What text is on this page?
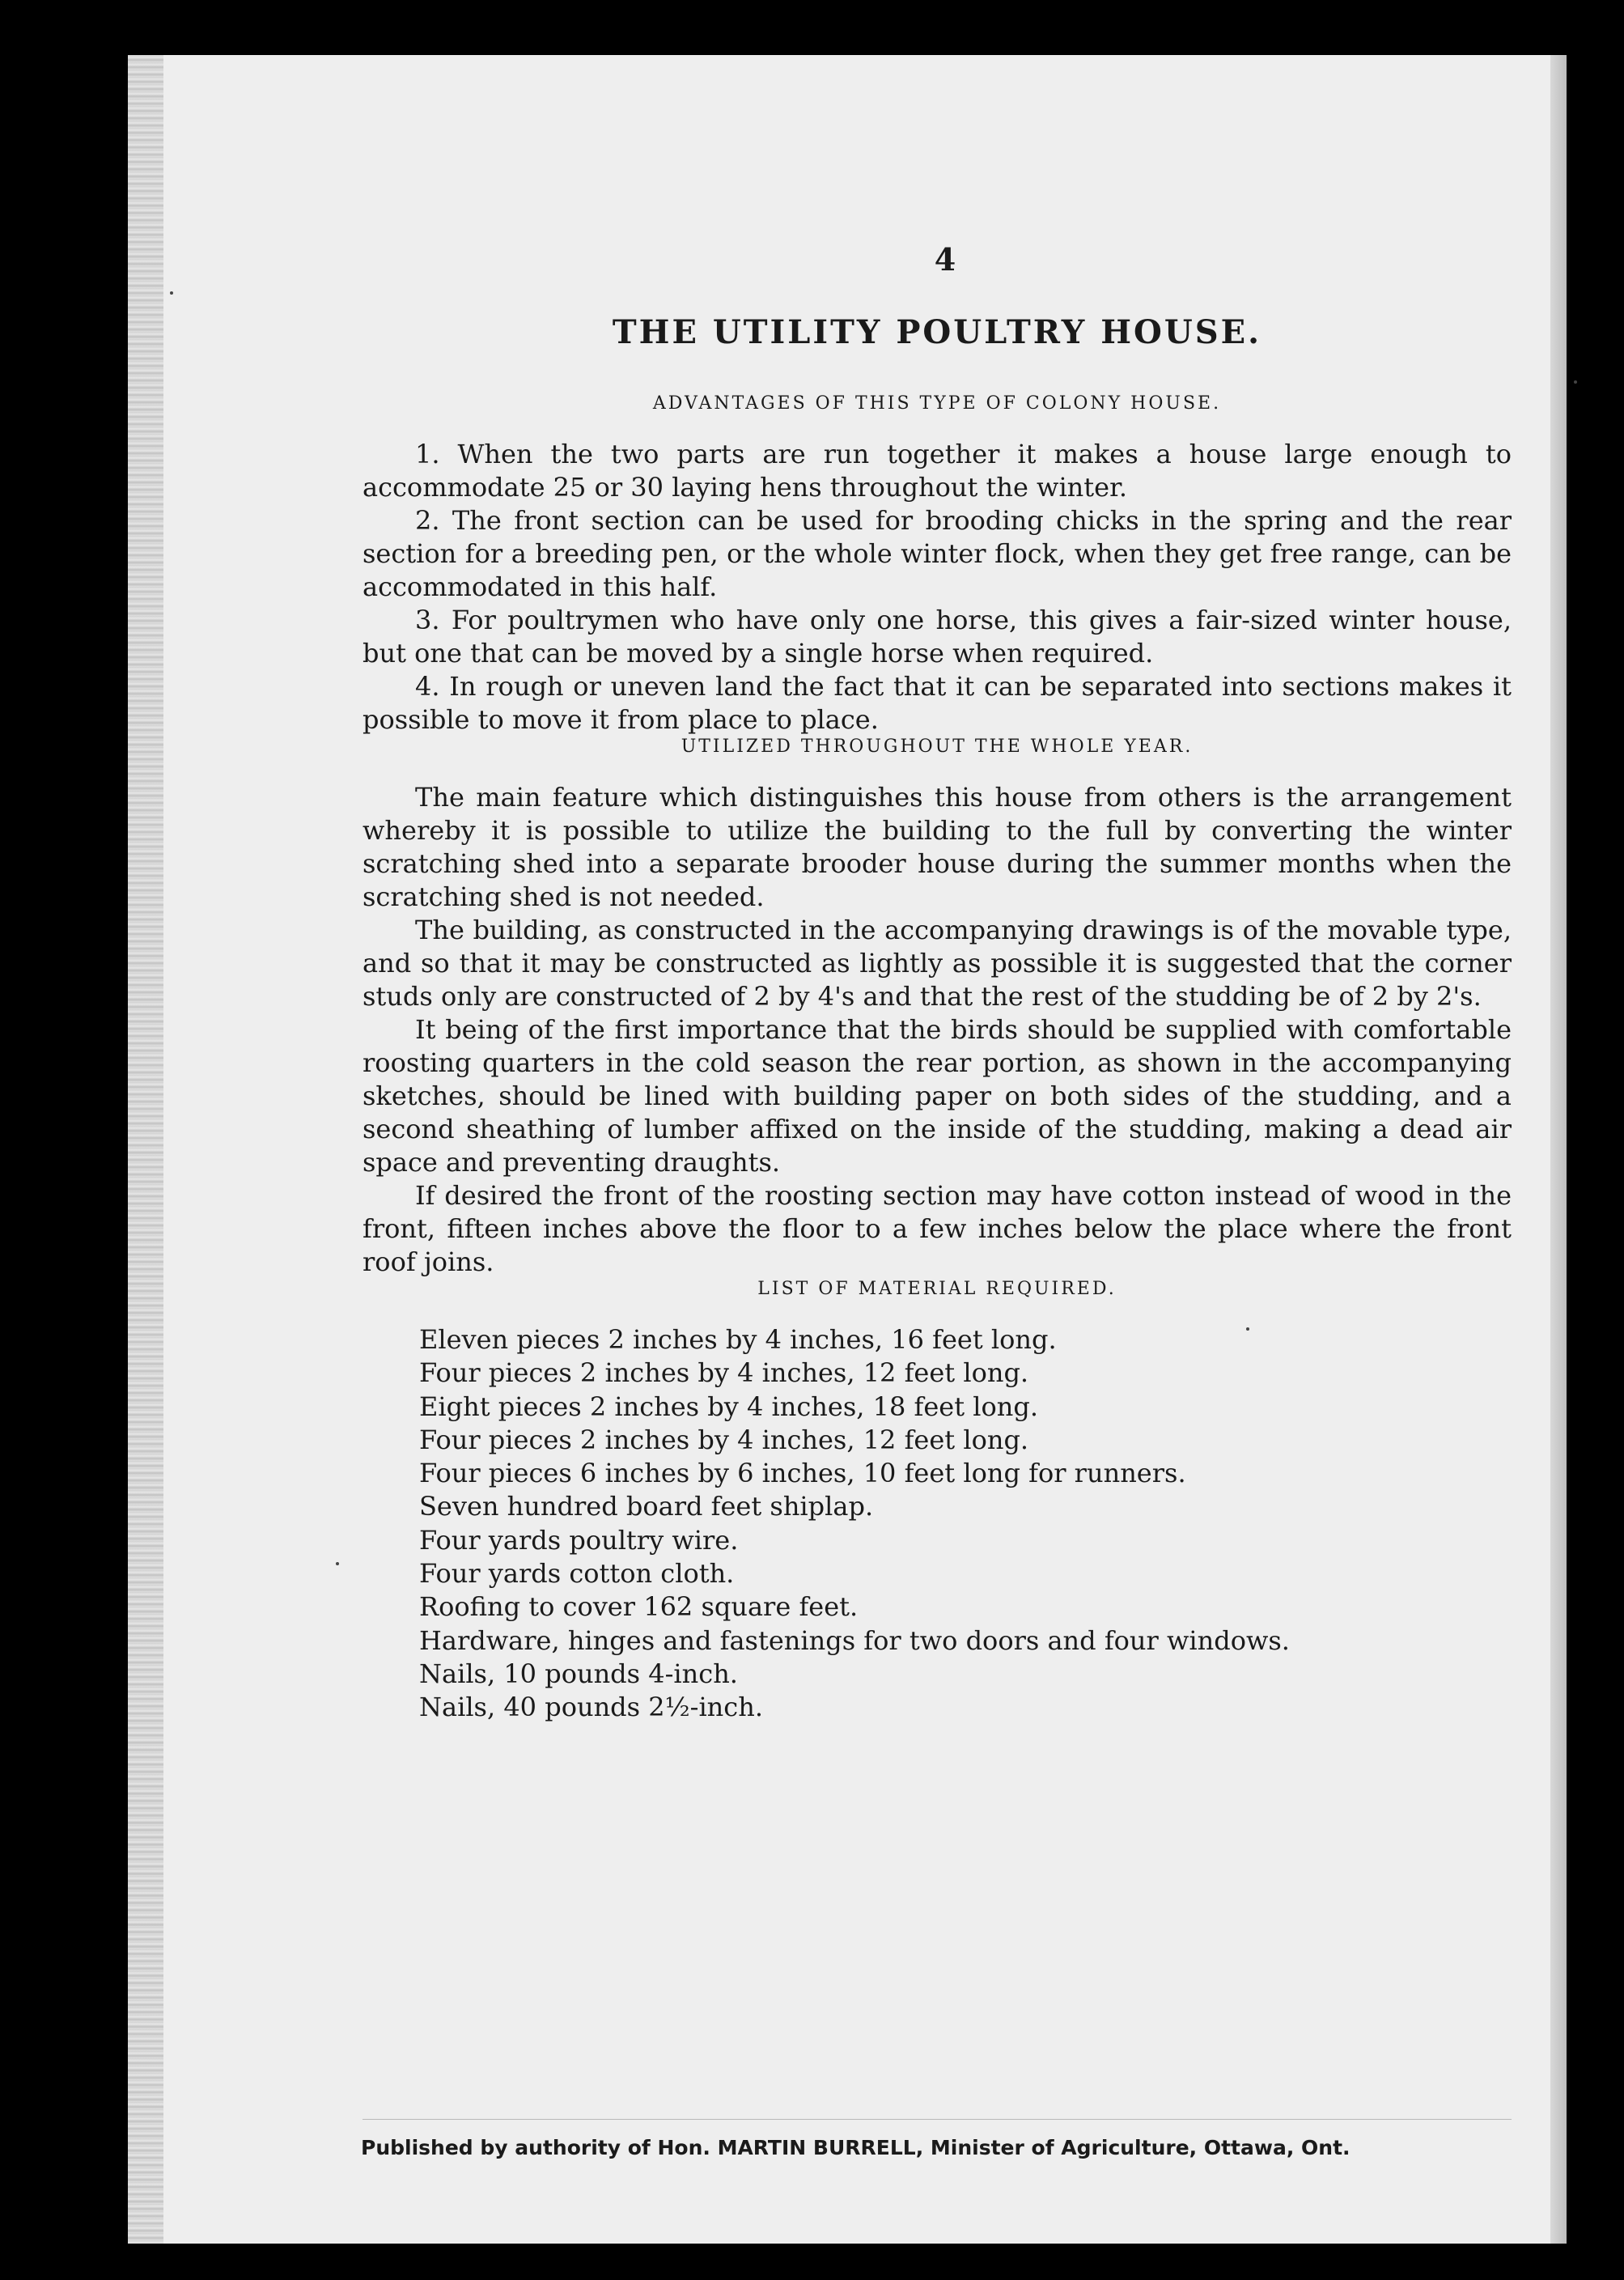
4
THE UTILITY POULTRY HOUSE.
ADVANTAGES OF THIS TYPE OF COLONY HOUSE.

1. When the two parts are run together it makes a house large enough to accommodate 25 or 30 laying hens throughout the winter.

2. The front section can be used for brooding chicks in the spring and the rear section for a breeding pen, or the whole winter flock, when they get free range, can be accommodated in this half.

3. For poultrymen who have only one horse, this gives a fair-sized winter house, but one that can be moved by a single horse when required.

4. In rough or uneven land the fact that it can be separated into sections makes it possible to move it from place to place.

UTILIZED THROUGHOUT THE WHOLE YEAR.

The main feature which distinguishes this house from others is the arrangement whereby it is possible to utilize the building to the full by converting the winter scratching shed into a separate brooder house during the summer months when the scratching shed is not needed.

The building, as constructed in the accompanying drawings is of the movable type, and so that it may be constructed as lightly as possible it is suggested that the corner studs only are constructed of 2 by 4's and that the rest of the studding be of 2 by 2's.

It being of the first importance that the birds should be supplied with comfortable roosting quarters in the cold season the rear portion, as shown in the accompanying sketches, should be lined with building paper on both sides of the studding, and a second sheathing of lumber affixed on the inside of the studding, making a dead air space and preventing draughts.

If desired the front of the roosting section may have cotton instead of wood in the front, fifteen inches above the floor to a few inches below the place where the front roof joins.

LIST OF MATERIAL REQUIRED.
Eleven pieces 2 inches by 4 inches, 16 feet long.
Four pieces 2 inches by 4 inches, 12 feet long.
Eight pieces 2 inches by 4 inches, 18 feet long.
Four pieces 2 inches by 4 inches, 12 feet long.
Four pieces 6 inches by 6 inches, 10 feet long for runners.
Seven hundred board feet shiplap.
Four yards poultry wire.
Four yards cotton cloth.
Roofing to cover 162 square feet.
Hardware, hinges and fastenings for two doors and four windows.
Nails, 10 pounds 4-inch.
Nails, 40 pounds 2½-inch.
Published by authority of Hon. MARTIN BURRELL, Minister of Agriculture, Ottawa, Ont.
